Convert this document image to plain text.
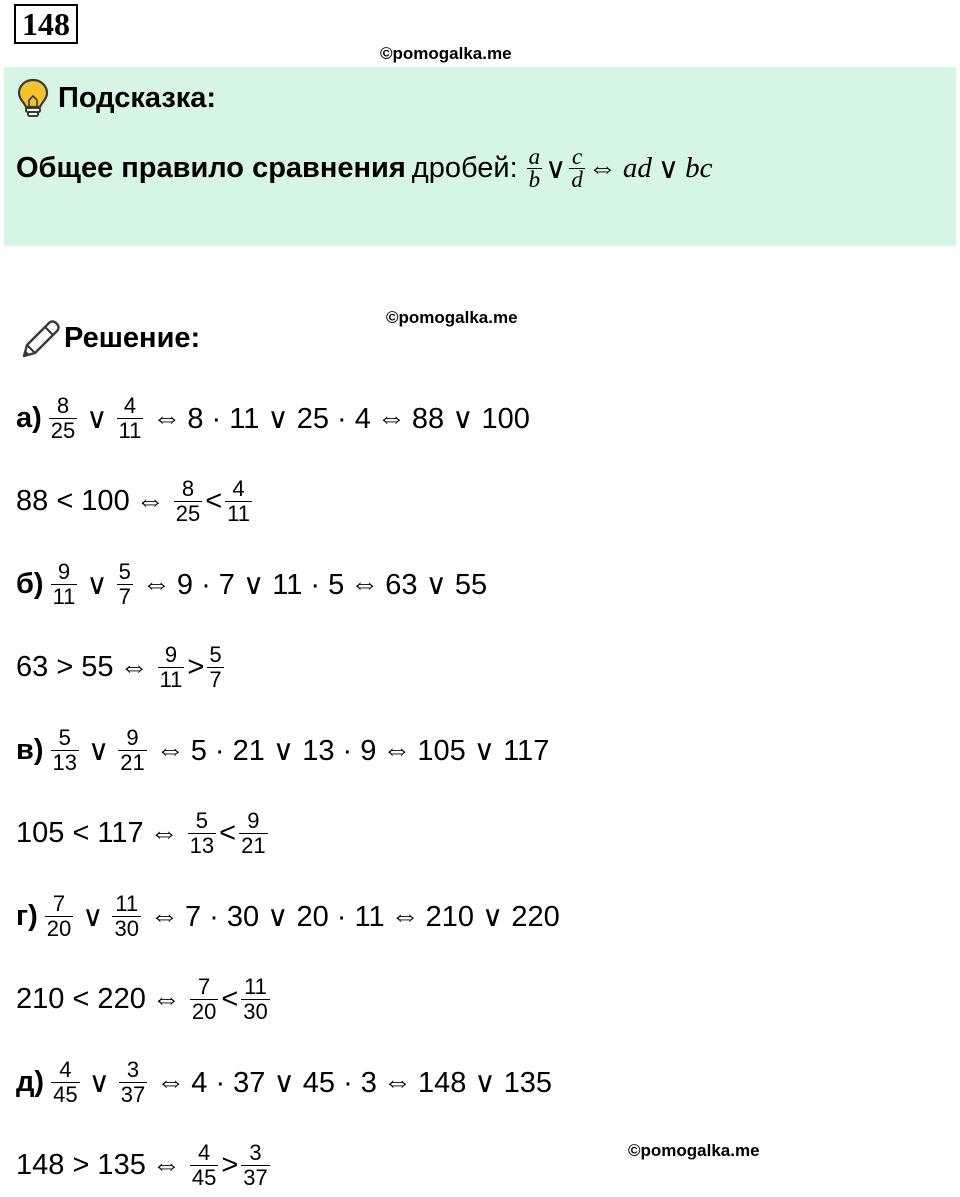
148
©pomogalka.me
Подсказка:
Общее правило сравнения дробей: $\frac{a}{b}$ ∨ $\frac{c}{d}$ ⇔ ad ∨ bc
©pomogalka.me
Решение:
$а) \frac{8}{25}$ ∨ $\frac{4}{11}$ ⇔ 8 · 11 ∨ 25 · 4 ⇔ 88 ∨ 100
88 < 100 ⇔ $\frac{8}{25} < \frac{4}{11}$
$б) \frac{9}{11}$ ∨ $\frac{5}{7}$ ⇔ 9 · 7 ∨ 11 · 5 ⇔ 63 ∨ 55
63 > 55 ⇔ $\frac{9}{11} > \frac{5}{7}$
$в) \frac{5}{13}$ ∨ $\frac{9}{21}$ ⇔ 5 · 21 ∨ 13 · 9 ⇔ 105 ∨ 117
105 < 117 ⇔ $\frac{5}{13} < \frac{9}{21}$
$г) \frac{7}{20}$ ∨ $\frac{11}{30}$ ⇔ 7 · 30 ∨ 20 · 11 ⇔ 210 ∨ 220
210 < 220 ⇔ $\frac{7}{20} < \frac{11}{30}$
$д) \frac{4}{45}$ ∨ $\frac{3}{37}$ ⇔ 4 · 37 ∨ 45 · 3 ⇔ 148 ∨ 135
148 > 135 ⇔ $\frac{4}{45} > \frac{3}{37}$	©pomogalka.me
